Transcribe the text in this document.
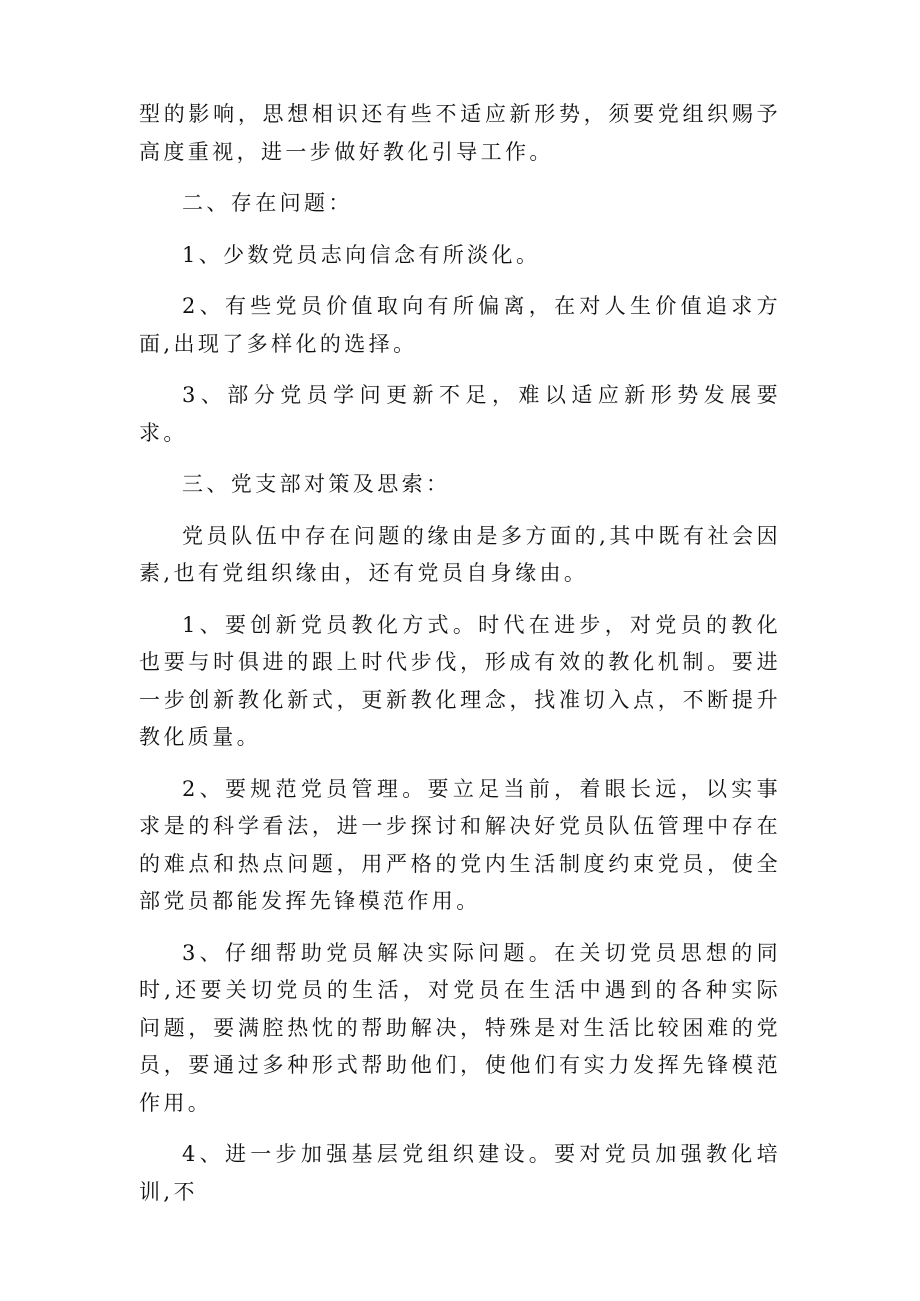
型的影响，思想相识还有些不适应新形势，须要党组织赐予高度重视，进一步做好教化引导工作。

二、存在问题：

1、少数党员志向信念有所淡化。

2、有些党员价值取向有所偏离，在对人生价值追求方面,出现了多样化的选择。

3、部分党员学问更新不足，难以适应新形势发展要求。

三、党支部对策及思索：

党员队伍中存在问题的缘由是多方面的,其中既有社会因素,也有党组织缘由，还有党员自身缘由。

1、要创新党员教化方式。时代在进步，对党员的教化也要与时俱进的跟上时代步伐，形成有效的教化机制。要进一步创新教化新式，更新教化理念，找准切入点，不断提升教化质量。

2、要规范党员管理。要立足当前，着眼长远，以实事求是的科学看法，进一步探讨和解决好党员队伍管理中存在的难点和热点问题，用严格的党内生活制度约束党员，使全部党员都能发挥先锋模范作用。

3、仔细帮助党员解决实际问题。在关切党员思想的同时,还要关切党员的生活，对党员在生活中遇到的各种实际问题，要满腔热忱的帮助解决，特殊是对生活比较困难的党员，要通过多种形式帮助他们，使他们有实力发挥先锋模范作用。

4、进一步加强基层党组织建设。要对党员加强教化培训,不
